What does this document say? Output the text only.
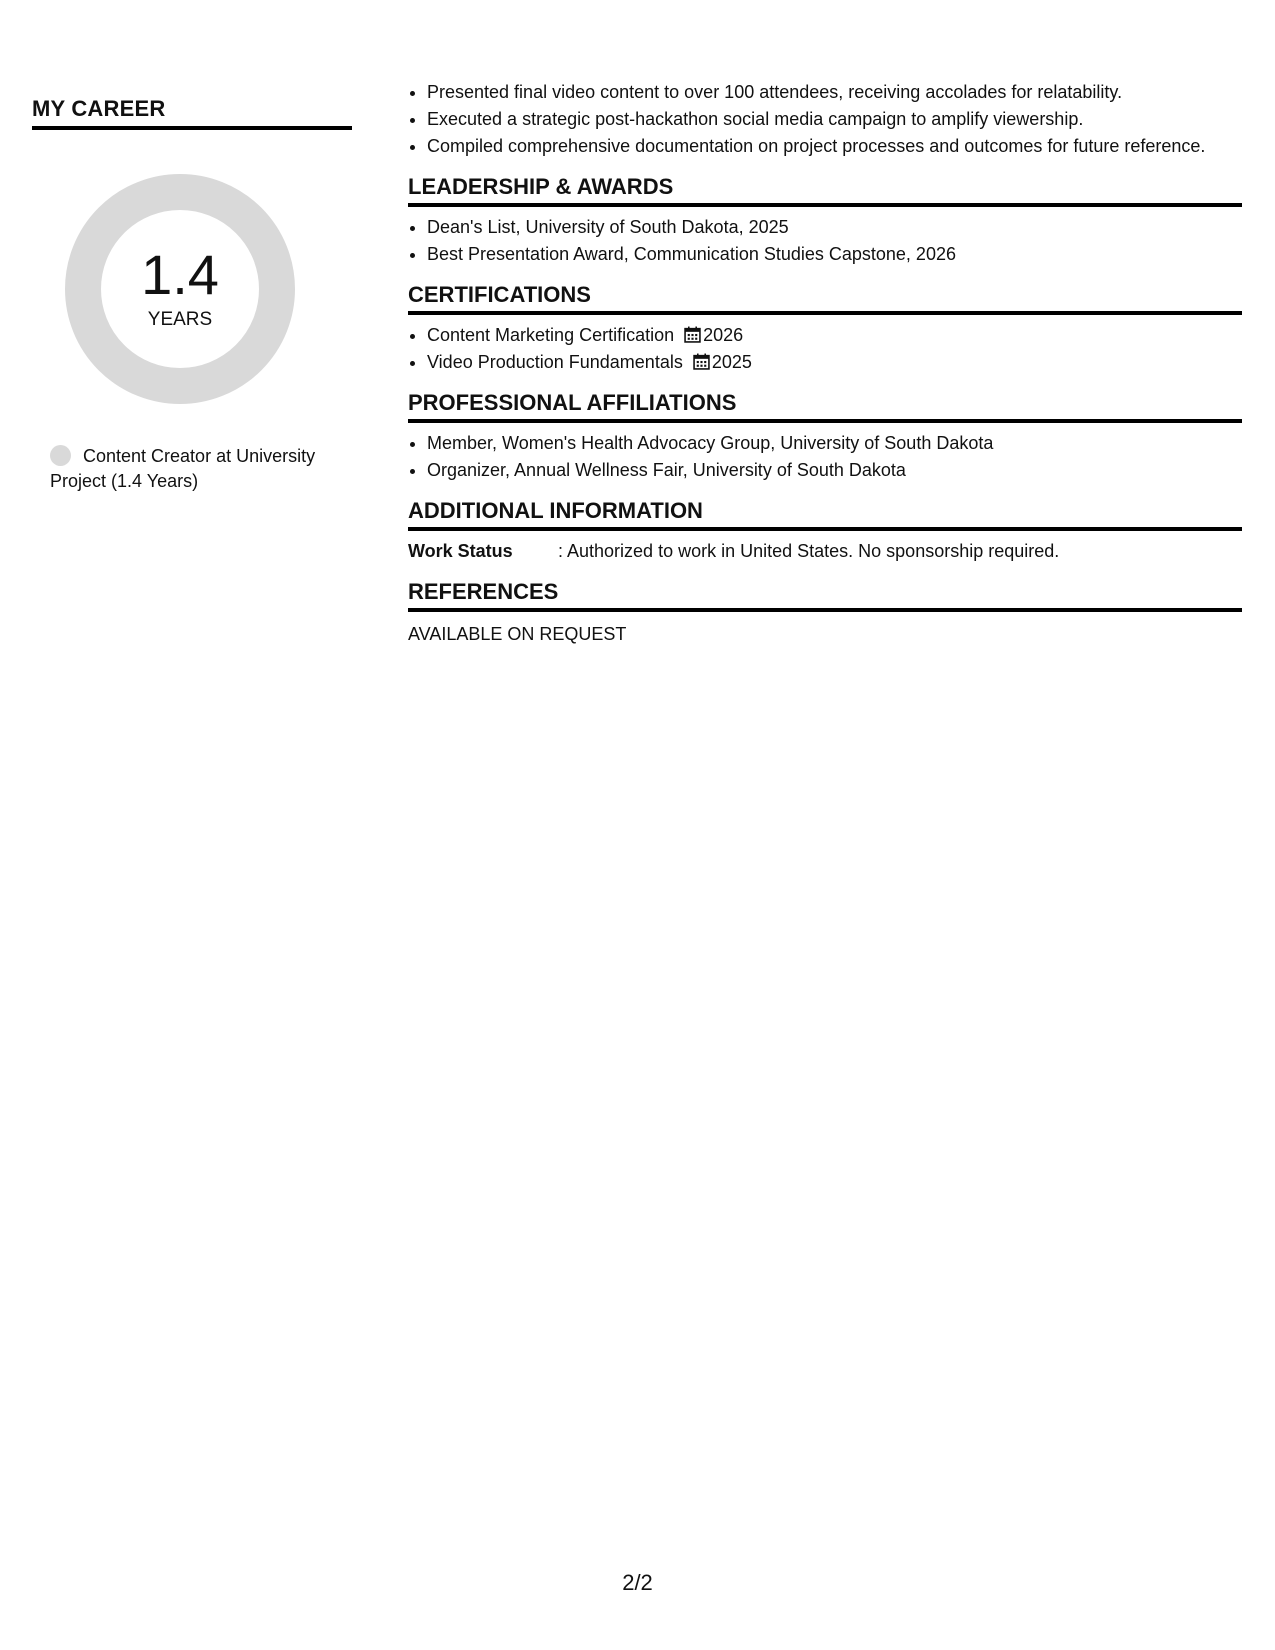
MY CAREER
1.4
YEARS
Content Creator at University Project (1.4 Years)
• Presented final video content to over 100 attendees, receiving accolades for relatability.
• Executed a strategic post-hackathon social media campaign to amplify viewership.
• Compiled comprehensive documentation on project processes and outcomes for future reference.
LEADERSHIP & AWARDS
• Dean's List, University of South Dakota, 2025
• Best Presentation Award, Communication Studies Capstone, 2026
CERTIFICATIONS
• Content Marketing Certification 2026
• Video Production Fundamentals 2025
PROFESSIONAL AFFILIATIONS
• Member, Women's Health Advocacy Group, University of South Dakota
• Organizer, Annual Wellness Fair, University of South Dakota
ADDITIONAL INFORMATION
Work Status	: Authorized to work in United States. No sponsorship required.
REFERENCES
AVAILABLE ON REQUEST
2/2
